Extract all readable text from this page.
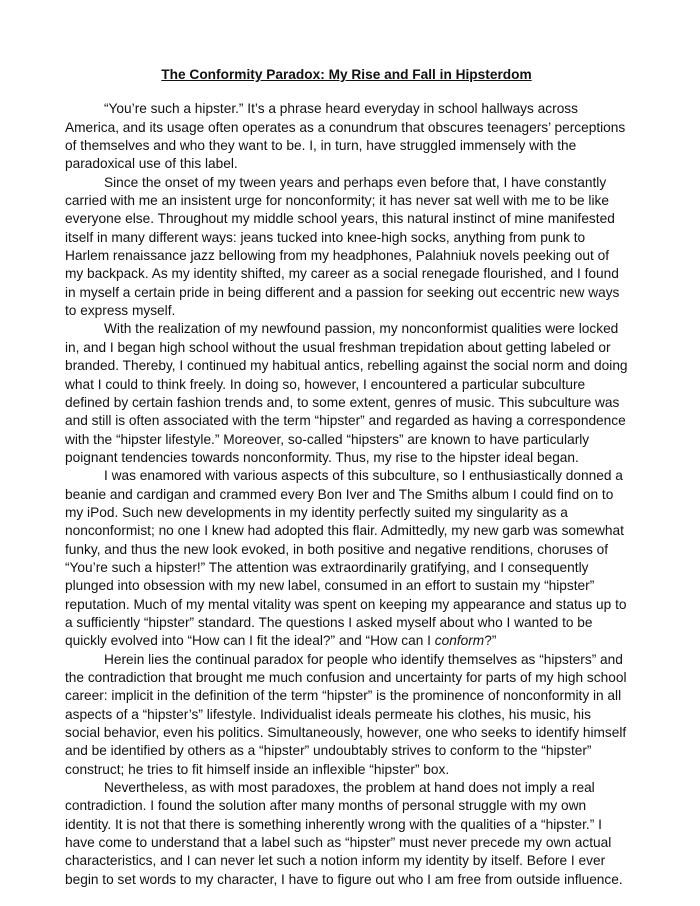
The Conformity Paradox: My Rise and Fall in Hipsterdom

“You’re such a hipster.” It’s a phrase heard everyday in school hallways across America, and its usage often operates as a conundrum that obscures teenagers’ perceptions of themselves and who they want to be. I, in turn, have struggled immensely with the paradoxical use of this label.

Since the onset of my tween years and perhaps even before that, I have constantly carried with me an insistent urge for nonconformity; it has never sat well with me to be like everyone else. Throughout my middle school years, this natural instinct of mine manifested itself in many different ways: jeans tucked into knee-high socks, anything from punk to Harlem renaissance jazz bellowing from my headphones, Palahniuk novels peeking out of my backpack. As my identity shifted, my career as a social renegade flourished, and I found in myself a certain pride in being different and a passion for seeking out eccentric new ways to express myself.

With the realization of my newfound passion, my nonconformist qualities were locked in, and I began high school without the usual freshman trepidation about getting labeled or branded. Thereby, I continued my habitual antics, rebelling against the social norm and doing what I could to think freely. In doing so, however, I encountered a particular subculture defined by certain fashion trends and, to some extent, genres of music. This subculture was and still is often associated with the term “hipster” and regarded as having a correspondence with the “hipster lifestyle.” Moreover, so-called “hipsters” are known to have particularly poignant tendencies towards nonconformity. Thus, my rise to the hipster ideal began.

I was enamored with various aspects of this subculture, so I enthusiastically donned a beanie and cardigan and crammed every Bon Iver and The Smiths album I could find on to my iPod. Such new developments in my identity perfectly suited my singularity as a nonconformist; no one I knew had adopted this flair. Admittedly, my new garb was somewhat funky, and thus the new look evoked, in both positive and negative renditions, choruses of “You’re such a hipster!” The attention was extraordinarily gratifying, and I consequently plunged into obsession with my new label, consumed in an effort to sustain my “hipster” reputation. Much of my mental vitality was spent on keeping my appearance and status up to a sufficiently “hipster” standard. The questions I asked myself about who I wanted to be quickly evolved into “How can I fit the ideal?” and “How can I conform?”

Herein lies the continual paradox for people who identify themselves as “hipsters” and the contradiction that brought me much confusion and uncertainty for parts of my high school career: implicit in the definition of the term “hipster” is the prominence of nonconformity in all aspects of a “hipster’s” lifestyle. Individualist ideals permeate his clothes, his music, his social behavior, even his politics. Simultaneously, however, one who seeks to identify himself and be identified by others as a “hipster” undoubtably strives to conform to the “hipster” construct; he tries to fit himself inside an inflexible “hipster” box.

Nevertheless, as with most paradoxes, the problem at hand does not imply a real contradiction. I found the solution after many months of personal struggle with my own identity. It is not that there is something inherently wrong with the qualities of a “hipster.” I have come to understand that a label such as “hipster” must never precede my own actual characteristics, and I can never let such a notion inform my identity by itself. Before I ever begin to set words to my character, I have to figure out who I am free from outside influence.
